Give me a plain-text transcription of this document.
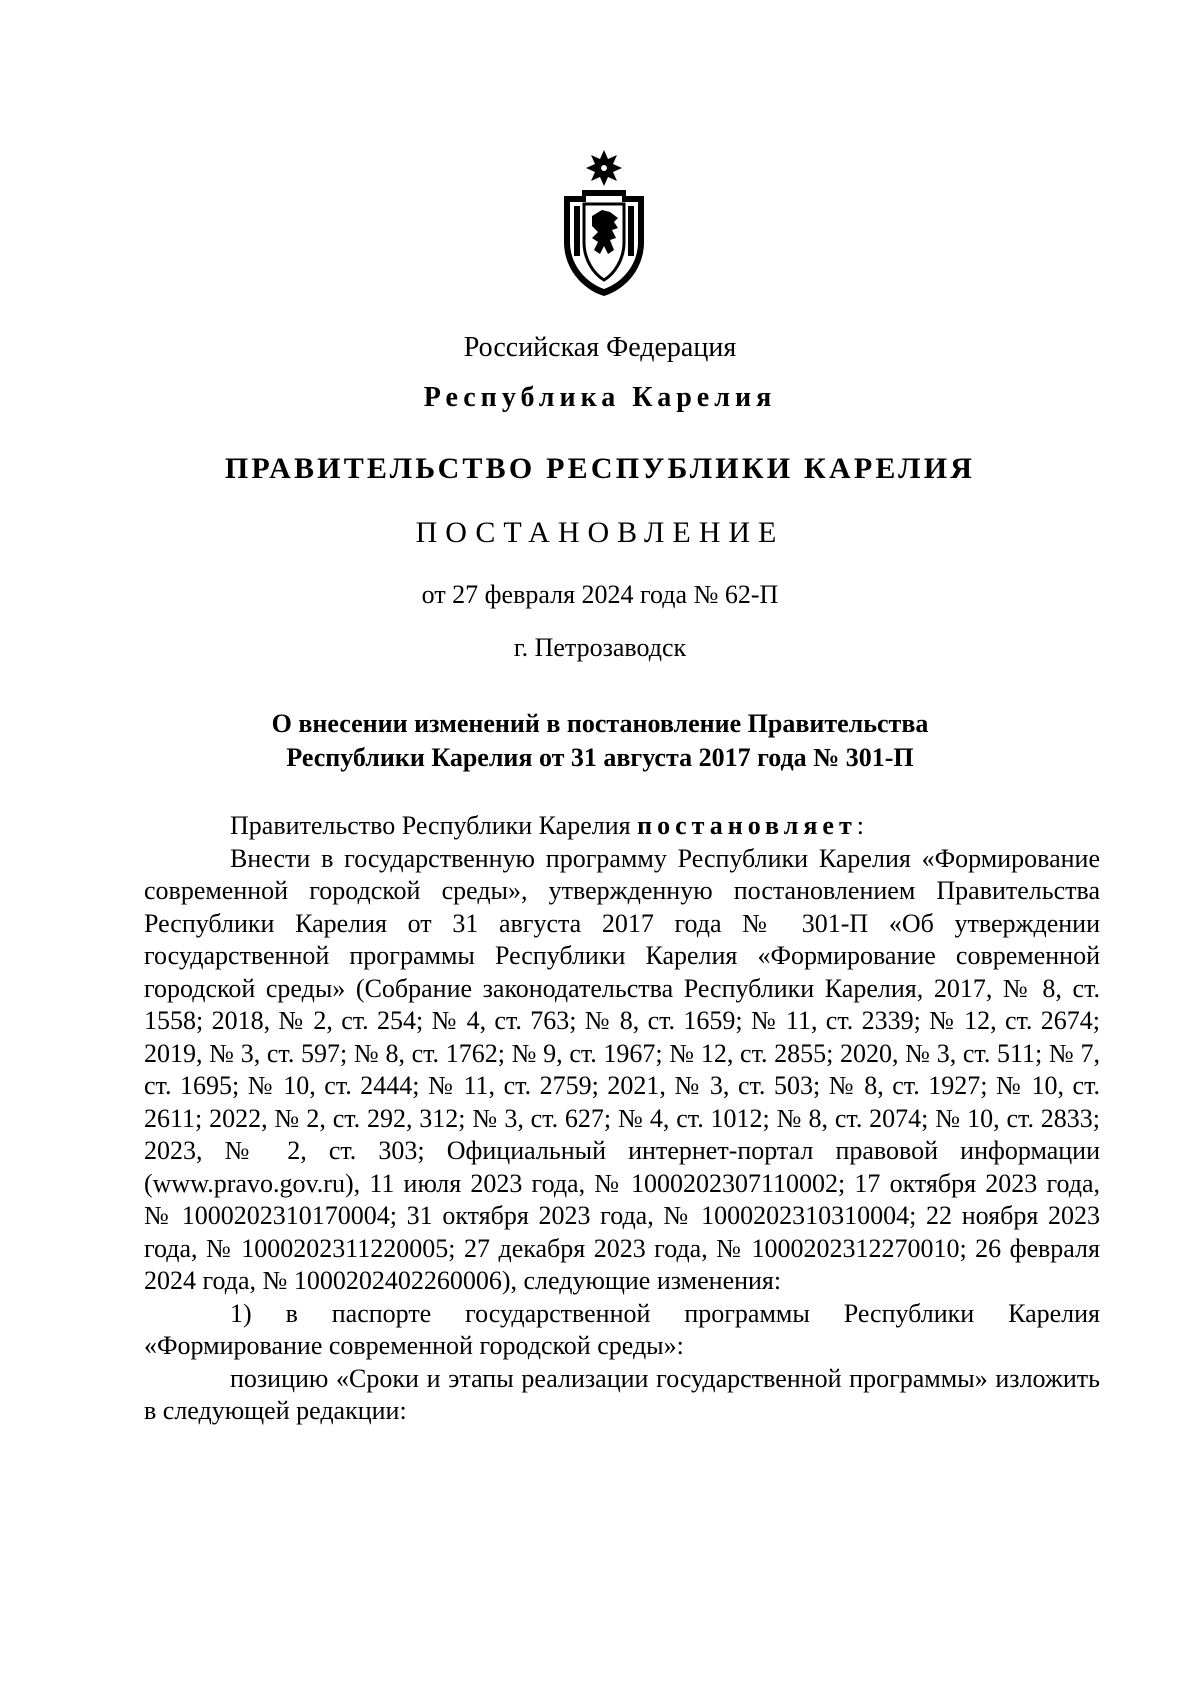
Российская Федерация
Республика Карелия
ПРАВИТЕЛЬСТВО РЕСПУБЛИКИ КАРЕЛИЯ
ПОСТАНОВЛЕНИЕ
от 27 февраля 2024 года № 62-П
г. Петрозаводск
О внесении изменений в постановление Правительства
Республики Карелия от 31 августа 2017 года № 301-П

Правительство Республики Карелия постановляет:

Внести в государственную программу Республики Карелия «Формирование современной городской среды», утвержденную постановлением Правительства Республики Карелия от 31 августа 2017 года № 301-П «Об утверждении государственной программы Республики Карелия «Формирование современной городской среды» (Собрание законодательства Республики Карелия, 2017, № 8, ст. 1558; 2018, № 2, ст. 254; № 4, ст. 763; № 8, ст. 1659; № 11, ст. 2339; № 12, ст. 2674; 2019, № 3, ст. 597; № 8, ст. 1762; № 9, ст. 1967; № 12, ст. 2855; 2020, № 3, ст. 511; № 7, ст. 1695; № 10, ст. 2444; № 11, ст. 2759; 2021, № 3, ст. 503; № 8, ст. 1927; № 10, ст. 2611; 2022, № 2, ст. 292, 312; № 3, ст. 627; № 4, ст. 1012; № 8, ст. 2074; № 10, ст. 2833; 2023, № 2, ст. 303; Официальный интернет-портал правовой информации (www.pravo.gov.ru), 11 июля 2023 года, № 1000202307110002; 17 октября 2023 года, № 1000202310170004; 31 октября 2023 года, № 1000202310310004; 22 ноября 2023 года, № 1000202311220005; 27 декабря 2023 года, № 1000202312270010; 26 февраля 2024 года, № 1000202402260006), следующие изменения:

1) в паспорте государственной программы Республики Карелия «Формирование современной городской среды»:

позицию «Сроки и этапы реализации государственной программы» изложить в следующей редакции:
